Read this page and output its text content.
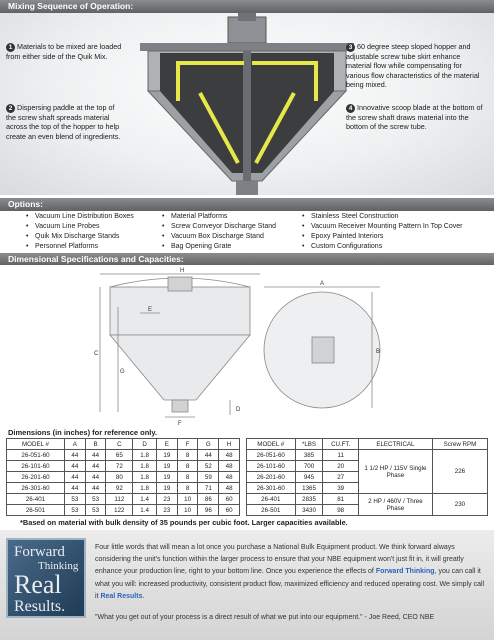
Mixing Sequence of Operation:
1 Materials to be mixed are loaded from either side of the Quik Mix.
2 Dispersing paddle at the top of the screw shaft spreads material across the top of the hopper to help create an even blend of ingredients.
3 60 degree steep sloped hopper and adjustable screw tube skirt enhance material flow while compensating for various flow characteristics of the material being mixed.
4 Innovative scoop blade at the bottom of the screw shaft draws material into the bottom of the screw tube.
Options:
• Vacuum Line Distribution Boxes
• Vacuum Line Probes
• Quik Mix Discharge Stands
• Personnel Platforms
• Material Platforms
• Screw Conveyor Discharge Stand
• Vacuum Box Discharge Stand
• Bag Opening Grate
• Stainless Steel Construction
• Vacuum Receiver Mounting Pattern In Top Cover
• Epoxy Painted Interiors
• Custom Configurations
Dimensional Specifications and Capacities:
H
E
C
G
F
D
A
B
Dimensions (in inches) for reference only.
MODEL #	A	B	C	D	E	F	G	H
26-051-60	44	44	65	1.8	19	8	44	48
26-101-60	44	44	72	1.8	19	8	52	48
26-201-60	44	44	80	1.8	19	8	59	48
26-301-60	44	44	92	1.8	19	8	71	48
26-401	53	53	112	1.4	23	10	86	60
26-501	53	53	122	1.4	23	10	96	60
MODEL #	*LBS	CU.FT.	ELECTRICAL	Screw RPM
26-051-60	385	11	1 1/2 HP / 115V Single Phase	226
26-101-60	700	20		
26-201-60	945	27		
26-301-60	1365	39		
26-401	2835	81	2 HP / 460V / Three Phase	230
26-501	3430	98		
*Based on material with bulk density of 35 pounds per cubic foot. Larger capacities available.
Forward
Thinking
Real
Results.
Four little words that will mean a lot once you purchase a National Bulk Equipment product. We think forward always considering the unit's function within the larger process to ensure that your NBE equipment won't just fit in, it will greatly enhance your production line, right to your bottom line. Once you experience the effects of Forward Thinking, you can call it what you will: increased productivity, consistent product flow, maximized efficiency and reduced operating cost. We simply call it Real Results.
"What you get out of your process is a direct result of what we put into our equipment." - Joe Reed, CEO NBE
